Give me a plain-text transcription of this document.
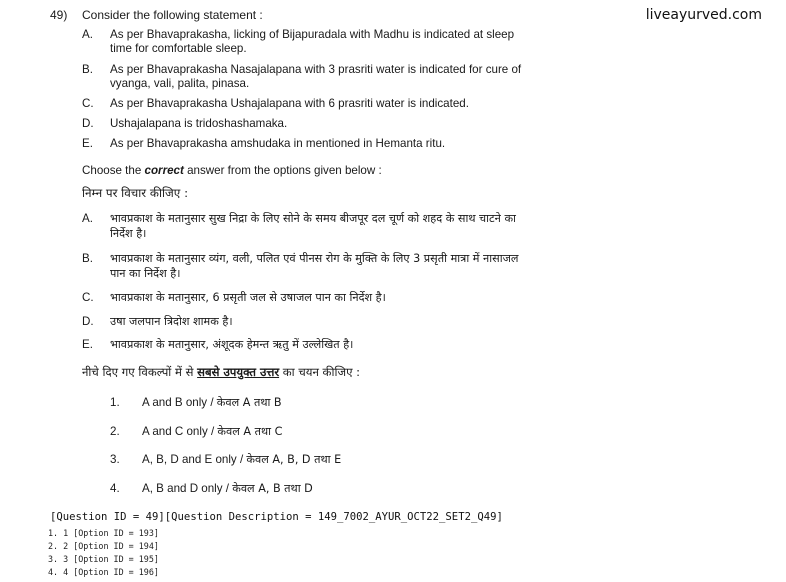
49) Consider the following statement :	liveayurved.com
A. As per Bhavaprakasha, licking of Bijapuradala with Madhu is indicated at sleep time for comfortable sleep.
B. As per Bhavaprakasha Nasajalapana with 3 prasriti water is indicated for cure of vyanga, vali, palita, pinasa.
C. As per Bhavaprakasha Ushajalapana with 6 prasriti water is indicated.
D. Ushajalapana is tridoshashamaka.
E. As per Bhavaprakasha amshudaka in mentioned in Hemanta ritu.
Choose the correct answer from the options given below :
निम्न पर विचार कीजिए :
A. भावप्रकाश के मतानुसार सुख निद्रा के लिए सोने के समय बीजपूर दल चूर्ण को शहद के साथ चाटने का निर्देश है।
B. भावप्रकाश के मतानुसार व्यंग, वली, पलित एवं पीनस रोग के मुक्ति के लिए 3 प्रसृती मात्रा में नासाजल पान का निर्देश है।
C. भावप्रकाश के मतानुसार, 6 प्रसृती जल से उषाजल पान का निर्देश है।
D. उषा जलपान त्रिदोश शामक है।
E. भावप्रकाश के मतानुसार, अंशूदक हेमन्त ऋतु में उल्लेखित है।
नीचे दिए गए विकल्पों में से सबसे उपयुक्त उत्तर का चयन कीजिए :
1. A and B only / केवल A तथा B
2. A and C only / केवल A तथा C
3. A, B, D and E only / केवल A, B, D तथा E
4. A, B and D only / केवल A, B तथा D
[Question ID = 49][Question Description = 149_7002_AYUR_OCT22_SET2_Q49]
1. 1 [Option ID = 193]
2. 2 [Option ID = 194]
3. 3 [Option ID = 195]
4. 4 [Option ID = 196]
